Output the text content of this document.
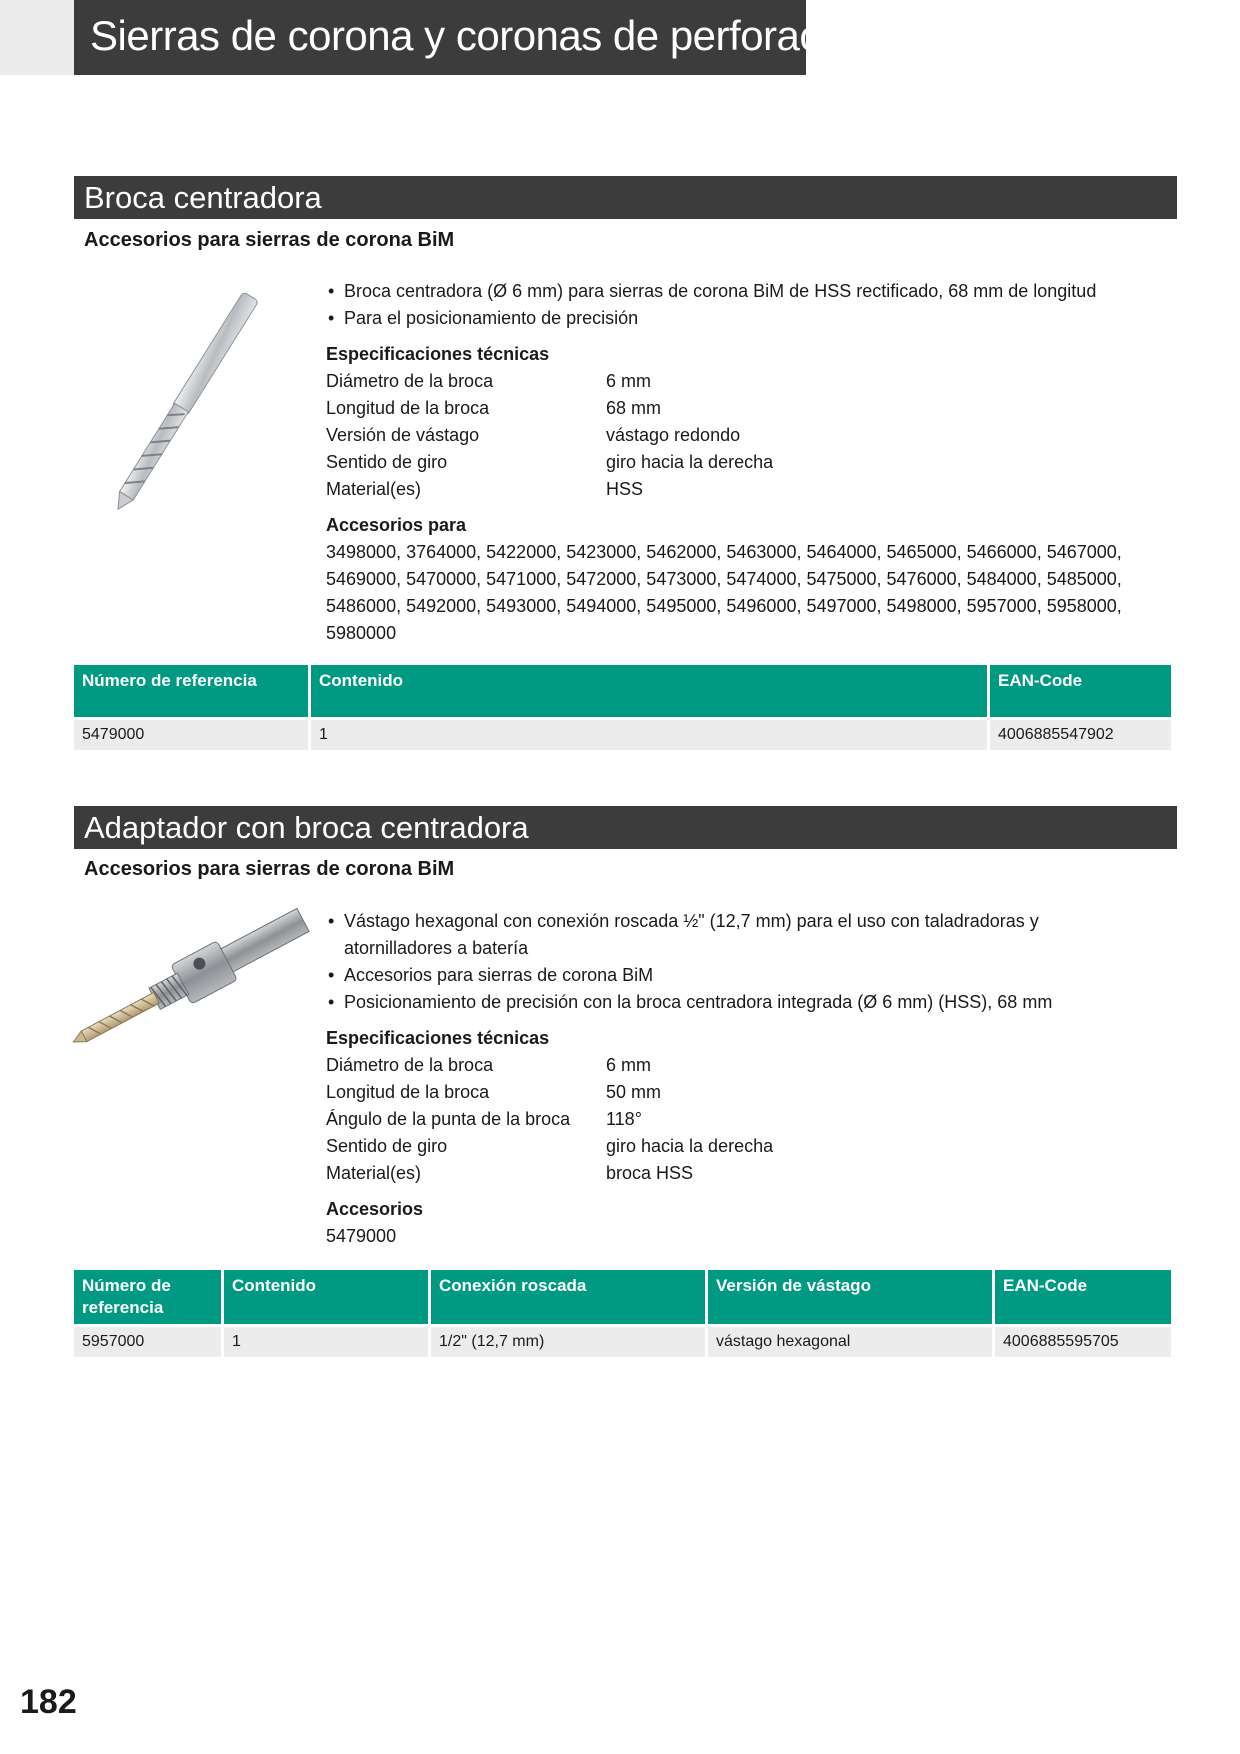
Sierras de corona y coronas de perforación
Broca centradora
Accesorios para sierras de corona BiM
• Broca centradora (Ø 6 mm) para sierras de corona BiM de HSS rectificado, 68 mm de longitud
• Para el posicionamiento de precisión
Especificaciones técnicas
Diámetro de la broca	6 mm
Longitud de la broca	68 mm
Versión de vástago	vástago redondo
Sentido de giro	giro hacia la derecha
Material(es)	HSS
Accesorios para
3498000, 3764000, 5422000, 5423000, 5462000, 5463000, 5464000, 5465000, 5466000, 5467000, 5469000, 5470000, 5471000, 5472000, 5473000, 5474000, 5475000, 5476000, 5484000, 5485000, 5486000, 5492000, 5493000, 5494000, 5495000, 5496000, 5497000, 5498000, 5957000, 5958000, 5980000
Número de referencia	Contenido	EAN-Code
5479000	1	4006885547902
Adaptador con broca centradora
Accesorios para sierras de corona BiM
• Vástago hexagonal con conexión roscada ½" (12,7 mm) para el uso con taladradoras y atornilladores a batería
• Accesorios para sierras de corona BiM
• Posicionamiento de precisión con la broca centradora integrada (Ø 6 mm) (HSS), 68 mm
Especificaciones técnicas
Diámetro de la broca	6 mm
Longitud de la broca	50 mm
Ángulo de la punta de la broca	118°
Sentido de giro	giro hacia la derecha
Material(es)	broca HSS
Accesorios
5479000
Número de referencia	Contenido	Conexión roscada	Versión de vástago	EAN-Code
5957000	1	1/2" (12,7 mm)	vástago hexagonal	4006885595705
182
